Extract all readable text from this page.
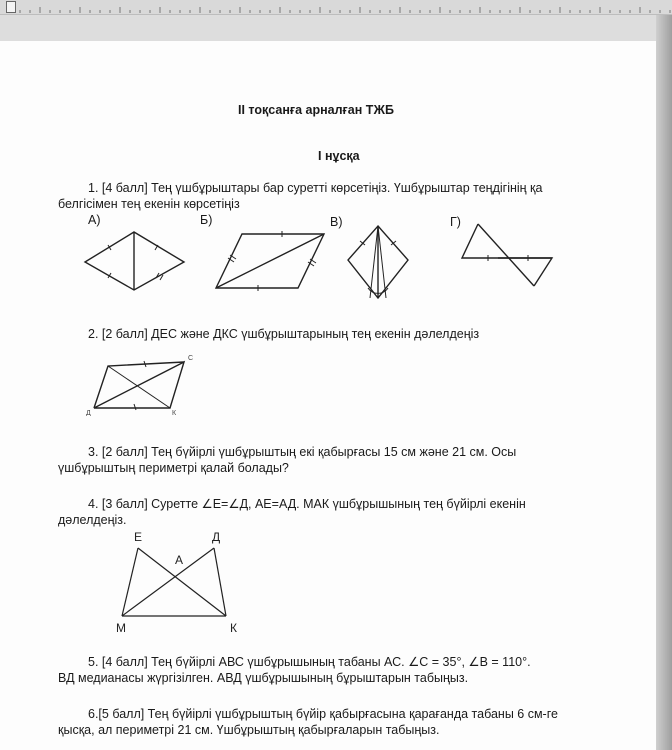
ІІ тоқсанға арналған ТЖБ
І нұсқа
1. [4 балл] Тең үшбұрыштары бар суретті көрсетіңіз. Үшбұрыштар теңдігінің қа
белгісімен тең екенін көрсетіңіз
А)	Б)	В)	Г)
2. [2 балл] ДЕС және ДКС үшбұрыштарының тең екенін дәлелдеңіз
С
Д	К
3. [2 балл] Тең бүйірлі үшбұрыштың екі қабырғасы 15 см және 21 см. Осы
үшбұрыштың периметрі қалай болады?
4. [3 балл] Суретте ∠Е=∠Д, АЕ=АД. МАК үшбұрышының тең бүйірлі екенін
дәлелдеңіз.
Е	Д
А
М	К
5. [4 балл] Тең бүйірлі АВС үшбұрышының табаны АС. ∠С = 35°, ∠В = 110°.
ВД медианасы жүргізілген. АВД үшбұрышының бұрыштарын табыңыз.
6.[5 балл] Тең бүйірлі үшбұрыштың бүйір қабырғасына қарағанда табаны 6 см-ге
қысқа, ал периметрі 21 см. Үшбұрыштың қабырғаларын табыңыз.
